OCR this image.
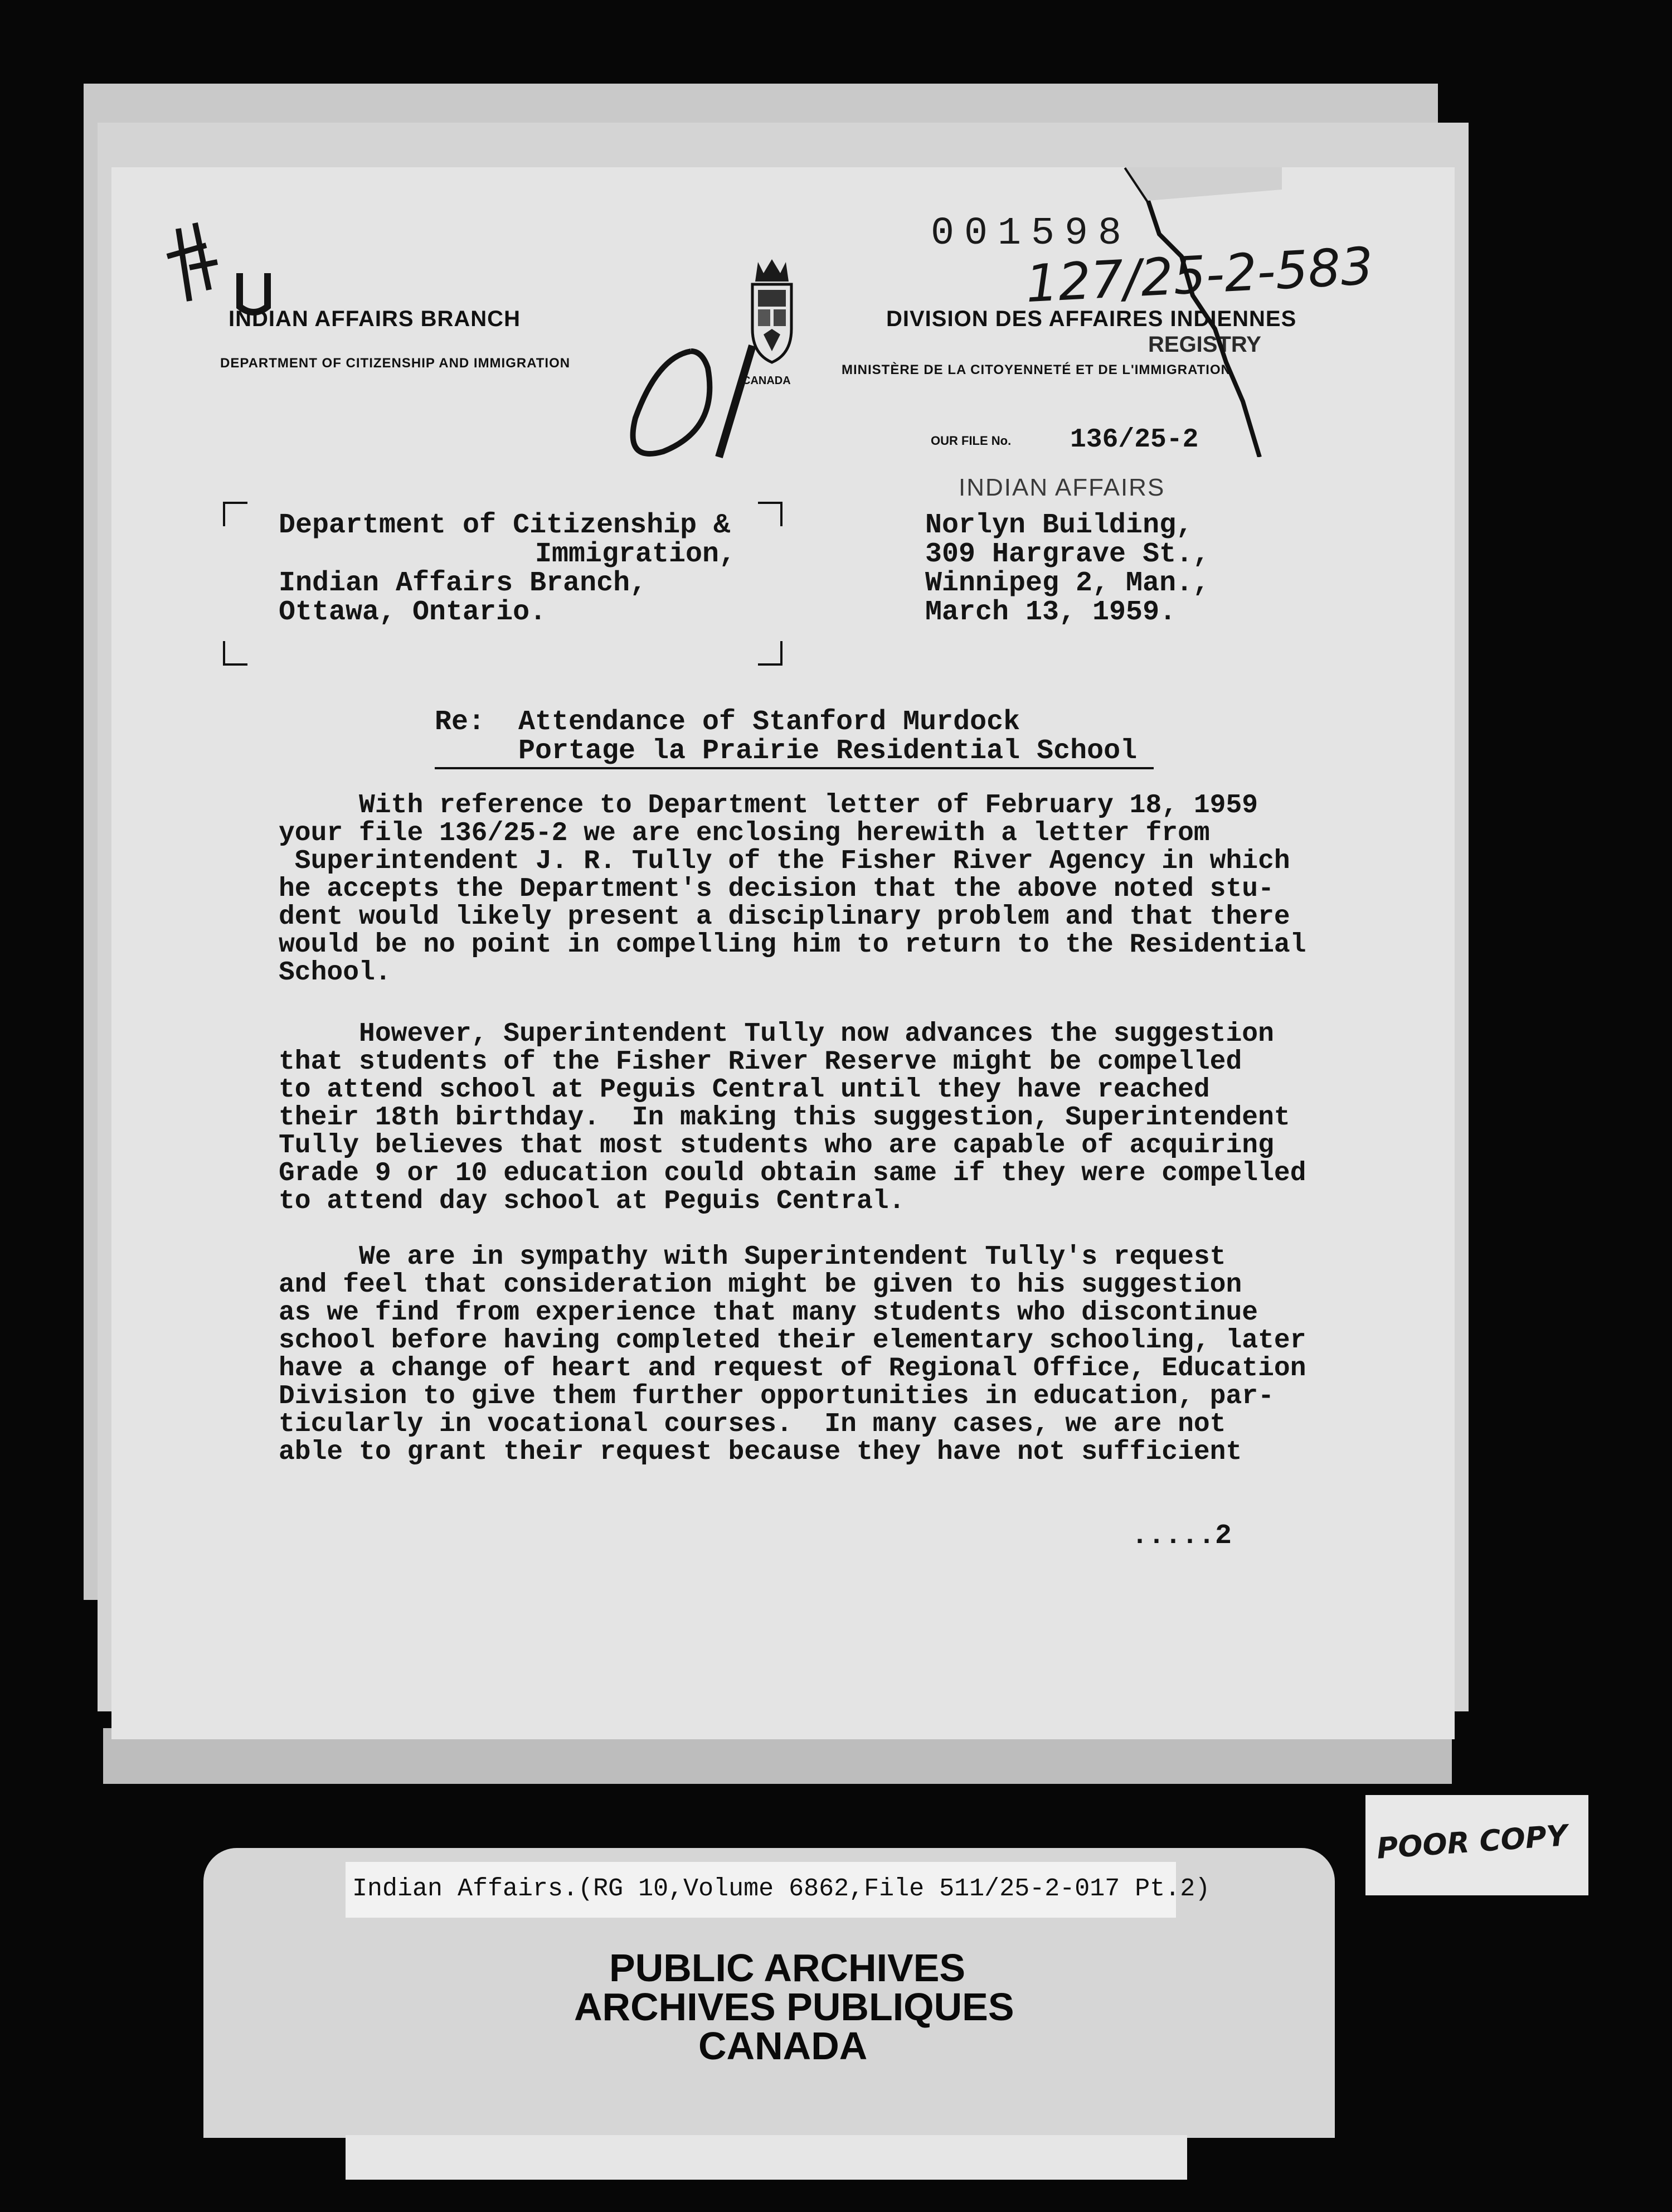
001598
127/25-2-583
INDIAN AFFAIRS BRANCH
DEPARTMENT OF CITIZENSHIP AND IMMIGRATION
CANADA
DIVISION DES AFFAIRES INDIENNES
MINISTÈRE DE LA CITOYENNETÉ ET DE L'IMMIGRATION
REGISTRY
OUR FILE No. 136/25-2
INDIAN AFFAIRS
Department of Citizenship &
Immigration,
Indian Affairs Branch,
Ottawa, Ontario.
Norlyn Building,
309 Hargrave St.,
Winnipeg 2, Man.,
March 13, 1959.
Re: Attendance of Stanford Murdock
Portage la Prairie Residential School
With reference to Department letter of February 18, 1959
your file 136/25-2 we are enclosing herewith a letter from
Superintendent J. R. Tully of the Fisher River Agency in which
he accepts the Department's decision that the above noted stu-
dent would likely present a disciplinary problem and that there
would be no point in compelling him to return to the Residential
School.
However, Superintendent Tully now advances the suggestion
that students of the Fisher River Reserve might be compelled
to attend school at Peguis Central until they have reached
their 18th birthday.  In making this suggestion, Superintendent
Tully believes that most students who are capable of acquiring
Grade 9 or 10 education could obtain same if they were compelled
to attend day school at Peguis Central.
We are in sympathy with Superintendent Tully's request
and feel that consideration might be given to his suggestion
as we find from experience that many students who discontinue
school before having completed their elementary schooling, later
have a change of heart and request of Regional Office, Education
Division to give them further opportunities in education, par-
ticularly in vocational courses.  In many cases, we are not
able to grant their request because they have not sufficient
.....2
Indian Affairs.(RG 10,Volume 6862,File 511/25-2-017 Pt.2)
PUBLIC ARCHIVES
ARCHIVES PUBLIQUES
CANADA
POOR COPY
